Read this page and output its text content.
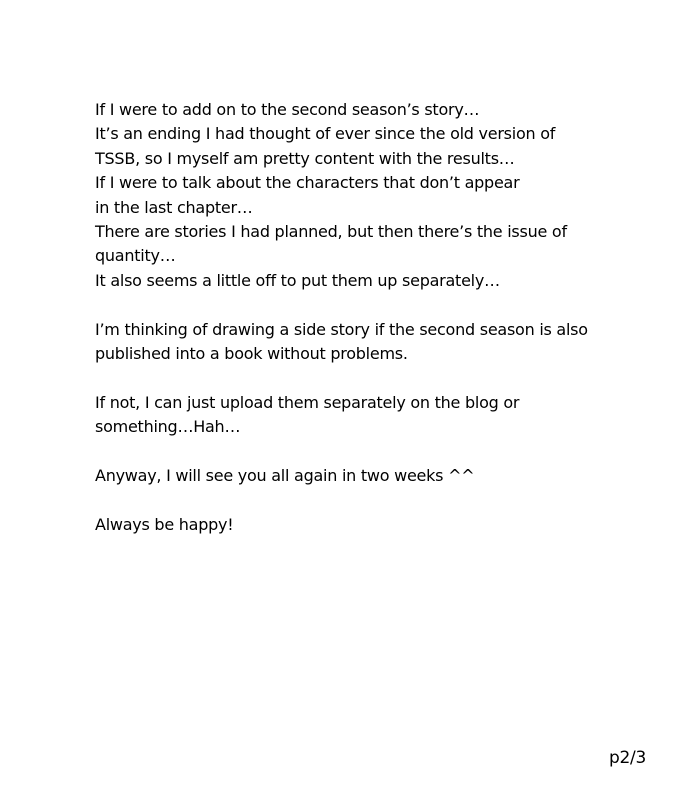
If I were to add on to the second season’s story…
It’s an ending I had thought of ever since the old version of
TSSB, so I myself am pretty content with the results…
If I were to talk about the characters that don’t appear
in the last chapter…
There are stories I had planned, but then there’s the issue of
quantity…
It also seems a little off to put them up separately…

I’m thinking of drawing a side story if the second season is also
published into a book without problems.

If not, I can just upload them separately on the blog or
something…Hah…

Anyway, I will see you all again in two weeks ^^

Always be happy!

p2/3
